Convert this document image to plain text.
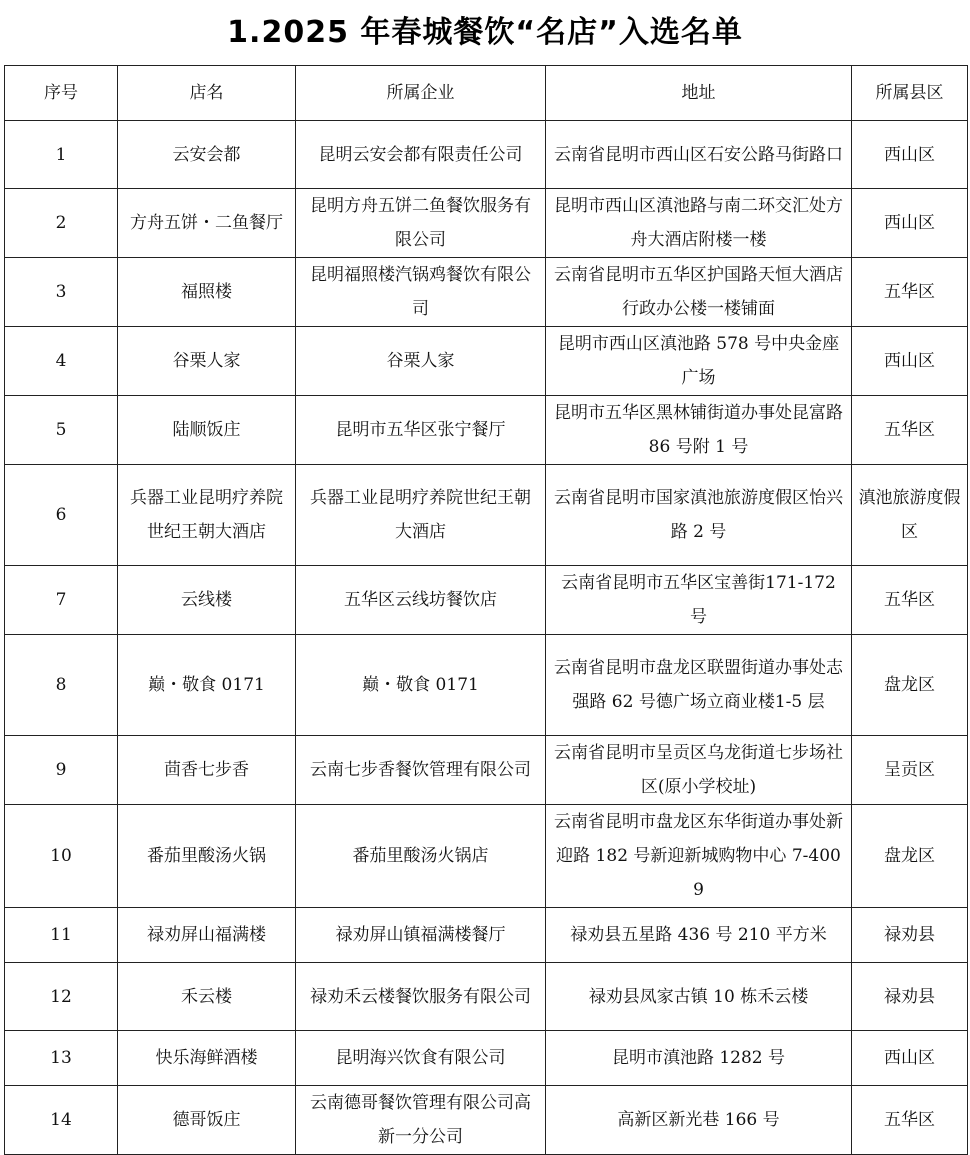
1.2025 年春城餐饮“名店”入选名单
序号	店名	所属企业	地址	所属县区
1	云安会都	昆明云安会都有限责任公司	云南省昆明市西山区石安公路马街路口	西山区
2	方舟五饼・二鱼餐厅	昆明方舟五饼二鱼餐饮服务有限公司	昆明市西山区滇池路与南二环交汇处方舟大酒店附楼一楼	西山区
3	福照楼	昆明福照楼汽锅鸡餐饮有限公司	云南省昆明市五华区护国路天恒大酒店行政办公楼一楼铺面	五华区
4	谷栗人家	谷栗人家	昆明市西山区滇池路 578 号中央金座广场	西山区
5	陆顺饭庄	昆明市五华区张宁餐厅	昆明市五华区黑林铺街道办事处昆富路 86 号附 1 号	五华区
6	兵器工业昆明疗养院世纪王朝大酒店	兵器工业昆明疗养院世纪王朝大酒店	云南省昆明市国家滇池旅游度假区怡兴路 2 号	滇池旅游度假区
7	云线楼	五华区云线坊餐饮店	云南省昆明市五华区宝善街171-172 号	五华区
8	巅・敬食 0171	巅・敬食 0171	云南省昆明市盘龙区联盟街道办事处志强路 62 号德广场立商业楼1-5 层	盘龙区
9	茴香七步香	云南七步香餐饮管理有限公司	云南省昆明市呈贡区乌龙街道七步场社区(原小学校址)	呈贡区
10	番茄里酸汤火锅	番茄里酸汤火锅店	云南省昆明市盘龙区东华街道办事处新迎路 182 号新迎新城购物中心 7-4009	盘龙区
11	禄劝屏山福满楼	禄劝屏山镇福满楼餐厅	禄劝县五星路 436 号 210 平方米	禄劝县
12	禾云楼	禄劝禾云楼餐饮服务有限公司	禄劝县凤家古镇 10 栋禾云楼	禄劝县
13	快乐海鲜酒楼	昆明海兴饮食有限公司	昆明市滇池路 1282 号	西山区
14	德哥饭庄	云南德哥餐饮管理有限公司高新一分公司	高新区新光巷 166 号	五华区
